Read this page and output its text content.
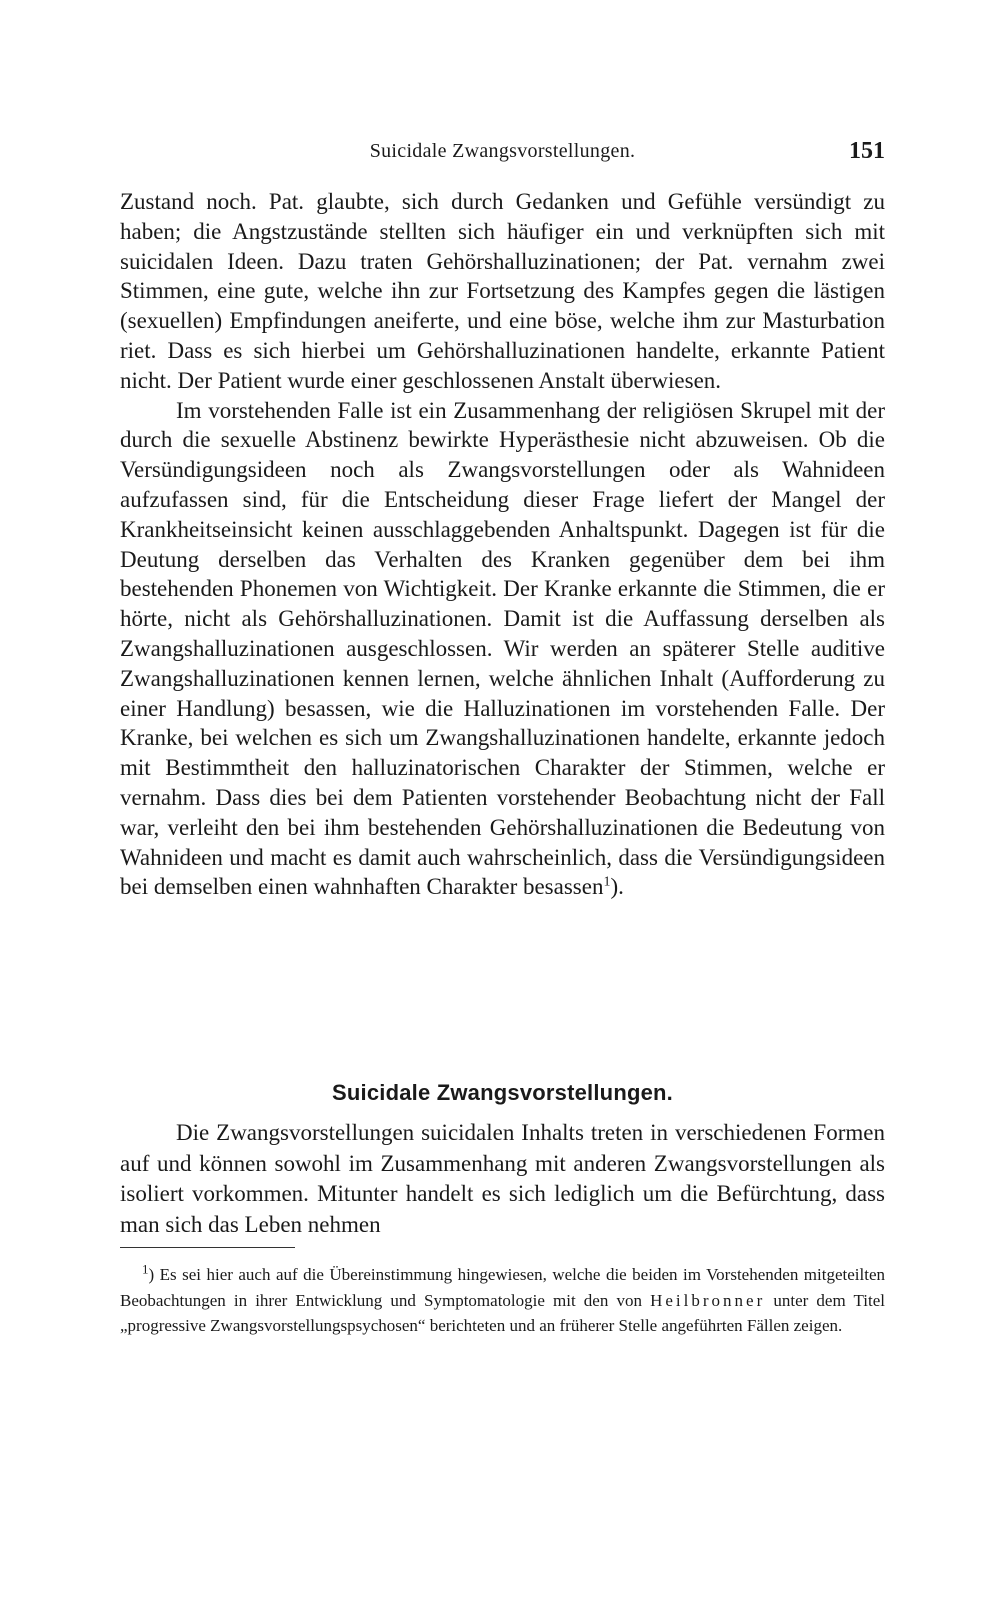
Suicidale Zwangsvorstellungen.	151

Zustand noch. Pat. glaubte, sich durch Gedanken und Gefühle versündigt zu haben; die Angstzustände stellten sich häufiger ein und verknüpften sich mit suicidalen Ideen. Dazu traten Gehörshalluzinationen; der Pat. vernahm zwei Stimmen, eine gute, welche ihn zur Fortsetzung des Kampfes gegen die lästigen (sexuellen) Empfindungen aneiferte, und eine böse, welche ihm zur Masturbation riet. Dass es sich hierbei um Gehörshalluzinationen handelte, erkannte Patient nicht. Der Patient wurde einer geschlossenen Anstalt überwiesen.

Im vorstehenden Falle ist ein Zusammenhang der religiösen Skrupel mit der durch die sexuelle Abstinenz bewirkte Hyperästhesie nicht abzuweisen. Ob die Versündigungsideen noch als Zwangsvorstellungen oder als Wahnideen aufzufassen sind, für die Entscheidung dieser Frage liefert der Mangel der Krankheitseinsicht keinen ausschlaggebenden Anhaltspunkt. Dagegen ist für die Deutung derselben das Verhalten des Kranken gegenüber dem bei ihm bestehenden Phonemen von Wichtigkeit. Der Kranke erkannte die Stimmen, die er hörte, nicht als Gehörshalluzinationen. Damit ist die Auffassung derselben als Zwangshalluzinationen ausgeschlossen. Wir werden an späterer Stelle auditive Zwangshalluzinationen kennen lernen, welche ähnlichen Inhalt (Aufforderung zu einer Handlung) besassen, wie die Halluzinationen im vorstehenden Falle. Der Kranke, bei welchen es sich um Zwangshalluzinationen handelte, erkannte jedoch mit Bestimmtheit den halluzinatorischen Charakter der Stimmen, welche er vernahm. Dass dies bei dem Patienten vorstehender Beobachtung nicht der Fall war, verleiht den bei ihm bestehenden Gehörshalluzinationen die Bedeutung von Wahnideen und macht es damit auch wahrscheinlich, dass die Versündigungsideen bei demselben einen wahnhaften Charakter besassen$^1$).

Suicidale Zwangsvorstellungen.

Die Zwangsvorstellungen suicidalen Inhalts treten in verschiedenen Formen auf und können sowohl im Zusammenhang mit anderen Zwangsvorstellungen als isoliert vorkommen. Mitunter handelt es sich lediglich um die Befürchtung, dass man sich das Leben nehmen

$^1$) Es sei hier auch auf die Übereinstimmung hingewiesen, welche die beiden im Vorstehenden mitgeteilten Beobachtungen in ihrer Entwicklung und Symptomatologie mit den von Heilbronner unter dem Titel „progressive Zwangsvorstellungspsychosen“ berichteten und an früherer Stelle angeführten Fällen zeigen.
